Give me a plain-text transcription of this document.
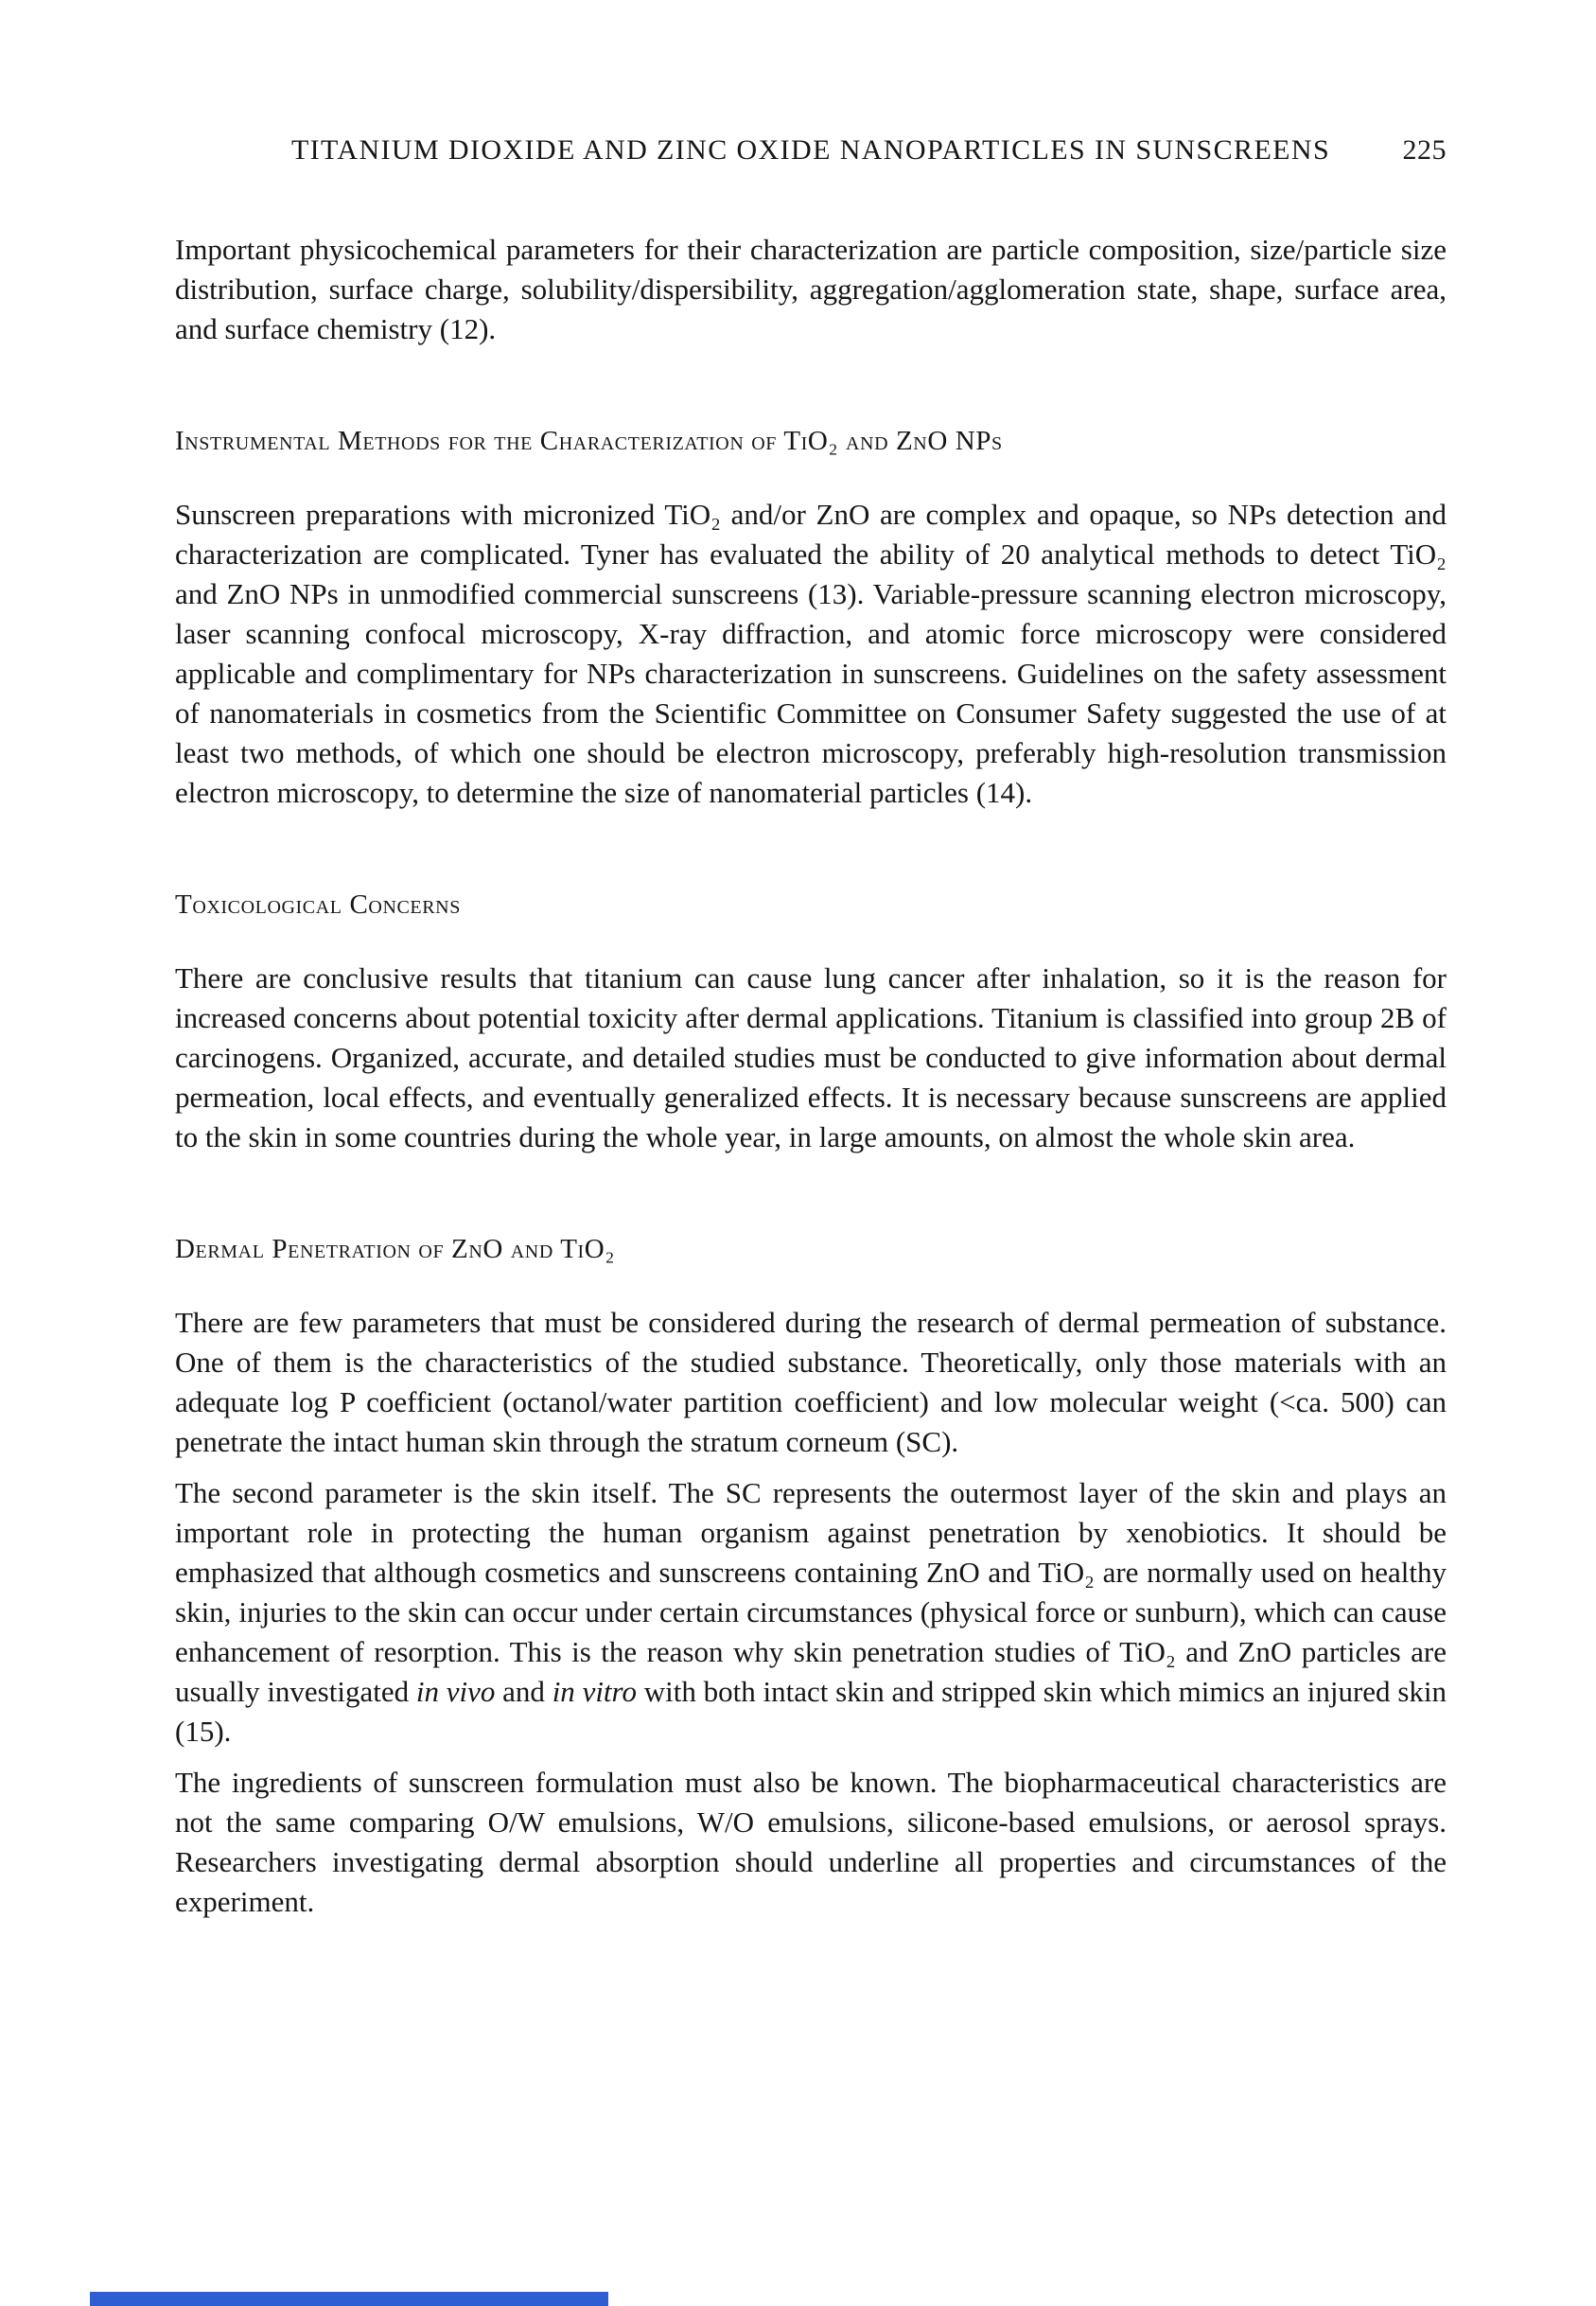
TITANIUM DIOXIDE AND ZINC OXIDE NANOPARTICLES IN SUNSCREENS	225

Important physicochemical parameters for their characterization are particle composition, size/particle size distribution, surface charge, solubility/dispersibility, aggregation/agglomeration state, shape, surface area, and surface chemistry (12).

Instrumental Methods for the Characterization of TiO₂ and ZnO NPs

Sunscreen preparations with micronized TiO₂ and/or ZnO are complex and opaque, so NPs detection and characterization are complicated. Tyner has evaluated the ability of 20 analytical methods to detect TiO₂ and ZnO NPs in unmodified commercial sunscreens (13). Variable-pressure scanning electron microscopy, laser scanning confocal microscopy, X-ray diffraction, and atomic force microscopy were considered applicable and complimentary for NPs characterization in sunscreens. Guidelines on the safety assessment of nanomaterials in cosmetics from the Scientific Committee on Consumer Safety suggested the use of at least two methods, of which one should be electron microscopy, preferably high-resolution transmission electron microscopy, to determine the size of nanomaterial particles (14).

Toxicological Concerns

There are conclusive results that titanium can cause lung cancer after inhalation, so it is the reason for increased concerns about potential toxicity after dermal applications. Titanium is classified into group 2B of carcinogens. Organized, accurate, and detailed studies must be conducted to give information about dermal permeation, local effects, and eventually generalized effects. It is necessary because sunscreens are applied to the skin in some countries during the whole year, in large amounts, on almost the whole skin area.

Dermal Penetration of ZnO and TiO₂

There are few parameters that must be considered during the research of dermal permeation of substance. One of them is the characteristics of the studied substance. Theoretically, only those materials with an adequate log P coefficient (octanol/water partition coefficient) and low molecular weight (<ca. 500) can penetrate the intact human skin through the stratum corneum (SC).

The second parameter is the skin itself. The SC represents the outermost layer of the skin and plays an important role in protecting the human organism against penetration by xenobiotics. It should be emphasized that although cosmetics and sunscreens containing ZnO and TiO₂ are normally used on healthy skin, injuries to the skin can occur under certain circumstances (physical force or sunburn), which can cause enhancement of resorption. This is the reason why skin penetration studies of TiO₂ and ZnO particles are usually investigated in vivo and in vitro with both intact skin and stripped skin which mimics an injured skin (15).

The ingredients of sunscreen formulation must also be known. The biopharmaceutical characteristics are not the same comparing O/W emulsions, W/O emulsions, silicone-based emulsions, or aerosol sprays. Researchers investigating dermal absorption should underline all properties and circumstances of the experiment.
